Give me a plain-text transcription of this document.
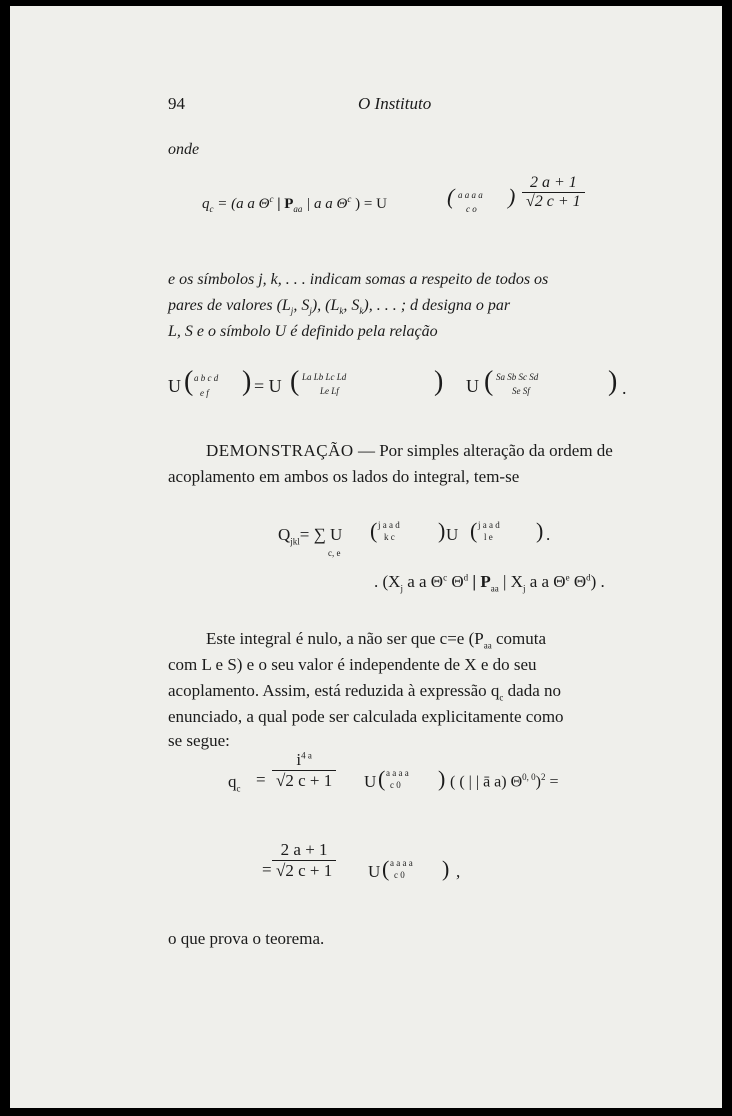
94	O Instituto
onde
$q_c = (a$ a $\Theta^c$ | $P_{aa}$ | a a $\Theta^c$ ) = U	( a a a a
c o ) $\frac{2 a + 1}{√2 c + 1}$
e os símbolos j, k, . . . indicam somas a respeito de todos os
pares de valores ($L_j$, $S_j$), ($L_k$, $S_k$), . . . ; d designa o par
L, S e o símbolo U é definido pela relação
U ( a b c d
e f ) = U ( La Lb Lc Ld
Le Lf	) U ( Sa Sb Sc Sd
Se Sf	) .
DEMONSTRAÇÃO — Por simples alteração da ordem de
acoplamento em ambos os lados do integral, tem-se
$Q_{jkl}=$ ∑ U
c, e
( j a a d
k c ) U ( j a a d
l e ) .
. ($X_j$ a a $\Theta^c$ $\Theta^d$ | $P_{aa}$ | $X_j$ a a $\Theta^e$ $\Theta^d$) .
Este integral é nulo, a não ser que c=e ($P_{aa}$ comuta
com L e S) e o seu valor é independente de X e do seu
acoplamento. Assim, está reduzida à expressão $q_c$ dada no
enunciado, a qual pode ser calculada explicitamente como
se segue:
$q_c = \frac{i^{4 a}}{√2 c + 1}$ U ( a a a a
c 0 ) ( ( | | ā a) Θ$^{0, 0}$)$^2$ =
= $\frac{2 a + 1}{√2 c + 1}$ U ( a a a a
c 0 ) ,
o que prova o teorema.
